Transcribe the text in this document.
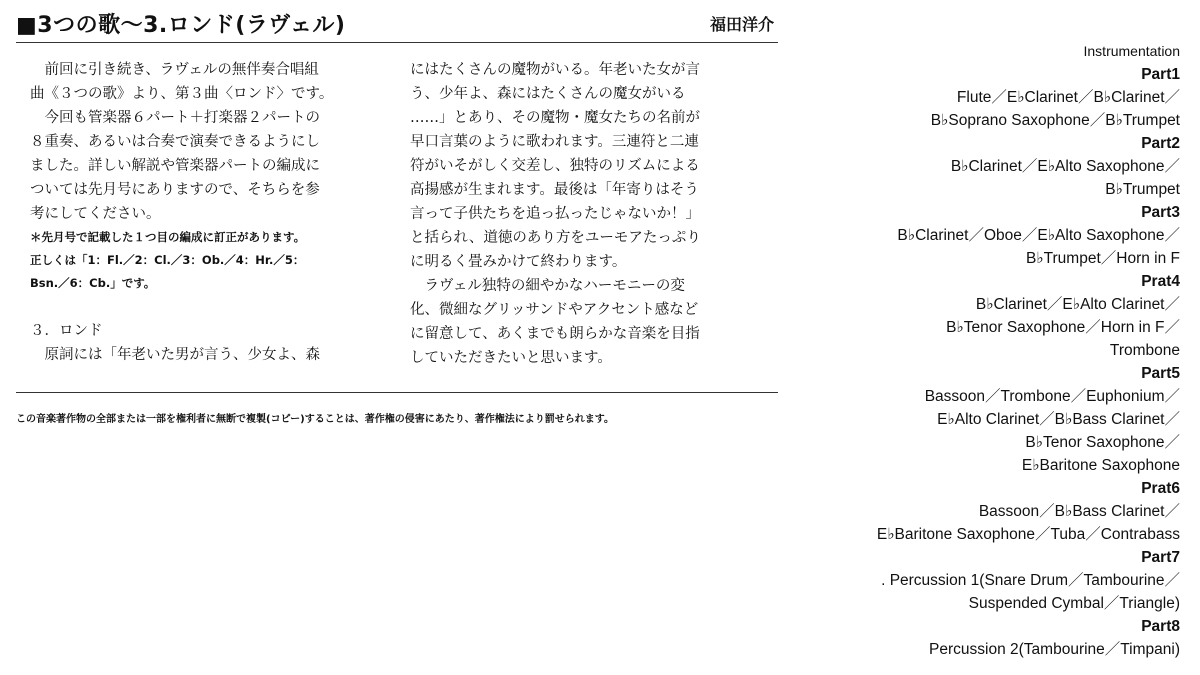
■3つの歌〜3.ロンド(ラヴェル)	福田洋介

　前回に引き続き、ラヴェルの無伴奏合唱組

曲《３つの歌》より、第３曲〈ロンド〉です。

　今回も管楽器６パート＋打楽器２パートの

８重奏、あるいは合奏で演奏できるようにし

ました。詳しい解説や管楽器パートの編成に

ついては先月号にありますので、そちらを参

考にしてください。

＊先月号で記載した１つ目の編成に訂正があります。

正しくは「1：Fl.／2：Cl.／3：Ob.／4：Hr.／5：

Bsn.／6：Cb.」です。

３．ロンド

　原詞には「年老いた男が言う、少女よ、森

にはたくさんの魔物がいる。年老いた女が言

う、少年よ、森にはたくさんの魔女がいる

……」とあり、その魔物・魔女たちの名前が

早口言葉のように歌われます。三連符と二連

符がいそがしく交差し、独特のリズムによる

高揚感が生まれます。最後は「年寄りはそう

言って子供たちを追っ払ったじゃないか！」

と括られ、道徳のあり方をユーモアたっぷり

に明るく畳みかけて終わります。

　ラヴェル独特の細やかなハーモニーの変

化、微細なグリッサンドやアクセント感など

に留意して、あくまでも朗らかな音楽を目指

していただきたいと思います。

この音楽著作物の全部または一部を権利者に無断で複製(コピー)することは、著作権の侵害にあたり、著作権法により罰せられます。
Instrumentation
Part1
Flute／E♭Clarinet／B♭Clarinet／
B♭Soprano Saxophone／B♭Trumpet
Part2
B♭Clarinet／E♭Alto Saxophone／
B♭Trumpet
Part3
B♭Clarinet／Oboe／E♭Alto Saxophone／
B♭Trumpet／Horn in F
Prat4
B♭Clarinet／E♭Alto Clarinet／
B♭Tenor Saxophone／Horn in F／
Trombone
Part5
Bassoon／Trombone／Euphonium／
E♭Alto Clarinet／B♭Bass Clarinet／
B♭Tenor Saxophone／
E♭Baritone Saxophone
Prat6
Bassoon／B♭Bass Clarinet／
E♭Baritone Saxophone／Tuba／Contrabass
Part7
. Percussion 1(Snare Drum／Tambourine／
Suspended Cymbal／Triangle)
Part8
Percussion 2(Tambourine／Timpani)
